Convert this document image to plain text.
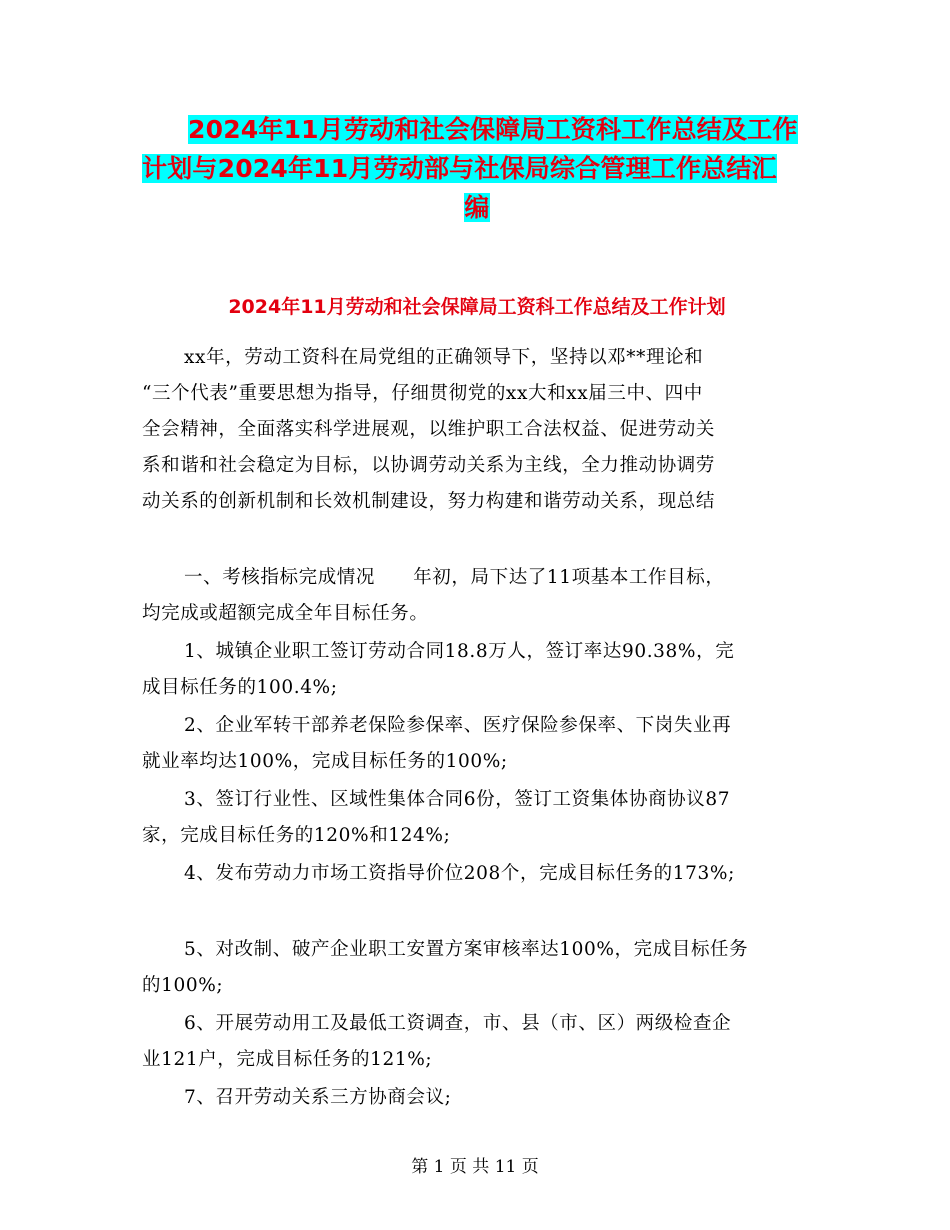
2024年11月劳动和社会保障局工资科工作总结及工作
计划与2024年11月劳动部与社保局综合管理工作总结汇
编
2024年11月劳动和社会保障局工资科工作总结及工作计划
xx年，劳动工资科在局党组的正确领导下，坚持以邓**理论和
“三个代表”重要思想为指导，仔细贯彻党的xx大和xx届三中、四中
全会精神，全面落实科学进展观，以维护职工合法权益、促进劳动关
系和谐和社会稳定为目标，以协调劳动关系为主线，全力推动协调劳
动关系的创新机制和长效机制建设，努力构建和谐劳动关系，现总结
一、考核指标完成情况　　年初，局下达了11项基本工作目标，
均完成或超额完成全年目标任务。
1、城镇企业职工签订劳动合同18.8万人，签订率达90.38%，完
成目标任务的100.4%;
2、企业军转干部养老保险参保率、医疗保险参保率、下岗失业再
就业率均达100%，完成目标任务的100%;
3、签订行业性、区域性集体合同6份，签订工资集体协商协议87
家，完成目标任务的120%和124%;
4、发布劳动力市场工资指导价位208个，完成目标任务的173%;
5、对改制、破产企业职工安置方案审核率达100%，完成目标任务
的100%;
6、开展劳动用工及最低工资调查，市、县（市、区）两级检查企
业121户，完成目标任务的121%;
7、召开劳动关系三方协商会议;
第 1 页 共 11 页
